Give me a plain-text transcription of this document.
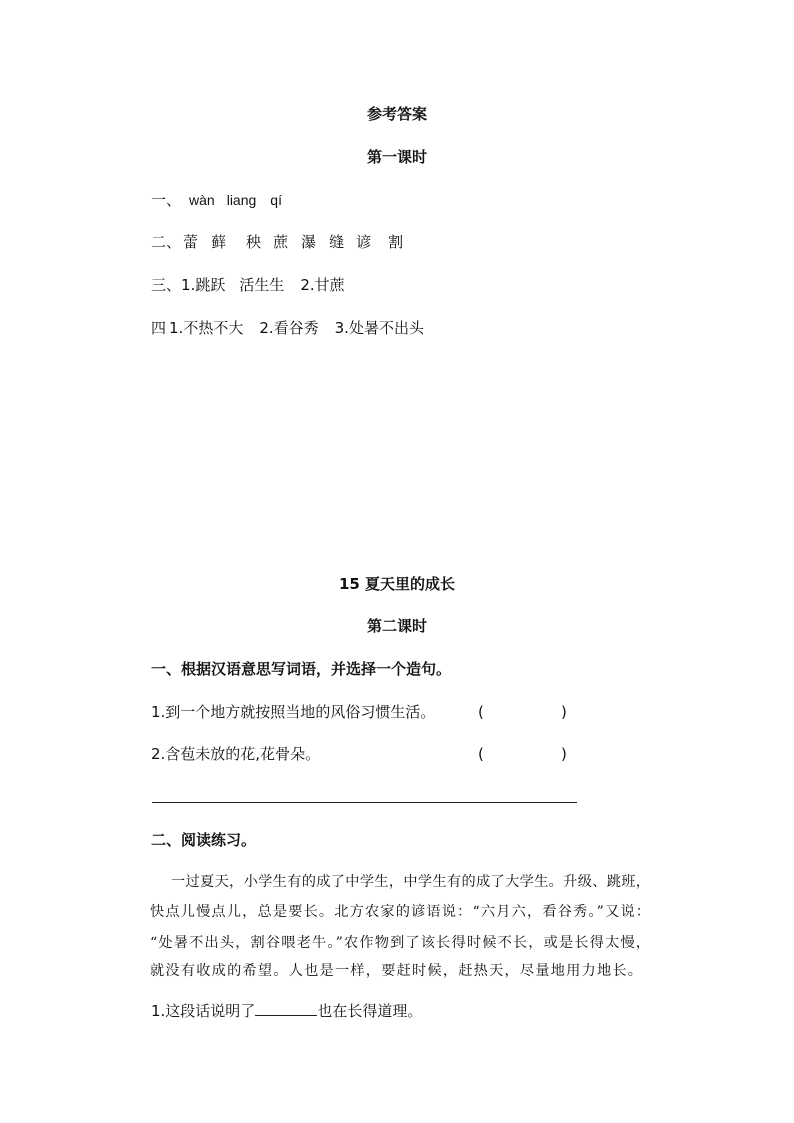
参考答案
第一课时
一、 wàn liang qí
二、 蕾 藓 秧 蔗 瀑 缝 谚 割
三、1.跳跃 活生生 2.甘蔗
四 1.不热不大 2.看谷秀 3.处暑不出头
15 夏天里的成长
第二课时
一、根据汉语意思写词语，并选择一个造句。
1.到一个地方就按照当地的风俗习惯生活。	(	)
2.含苞未放的花,花骨朵。	(	)
二、阅读练习。
一过夏天，小学生有的成了中学生，中学生有的成了大学生。升级、跳班，
快点儿慢点儿，总是要长。北方农家的谚语说：“六月六，看谷秀。”又说：
“处暑不出头，割谷喂老牛。”农作物到了该长得时候不长，或是长得太慢，
就没有收成的希望。人也是一样，要赶时候，赶热天，尽量地用力地长。
1.这段话说明了	也在长得道理。
